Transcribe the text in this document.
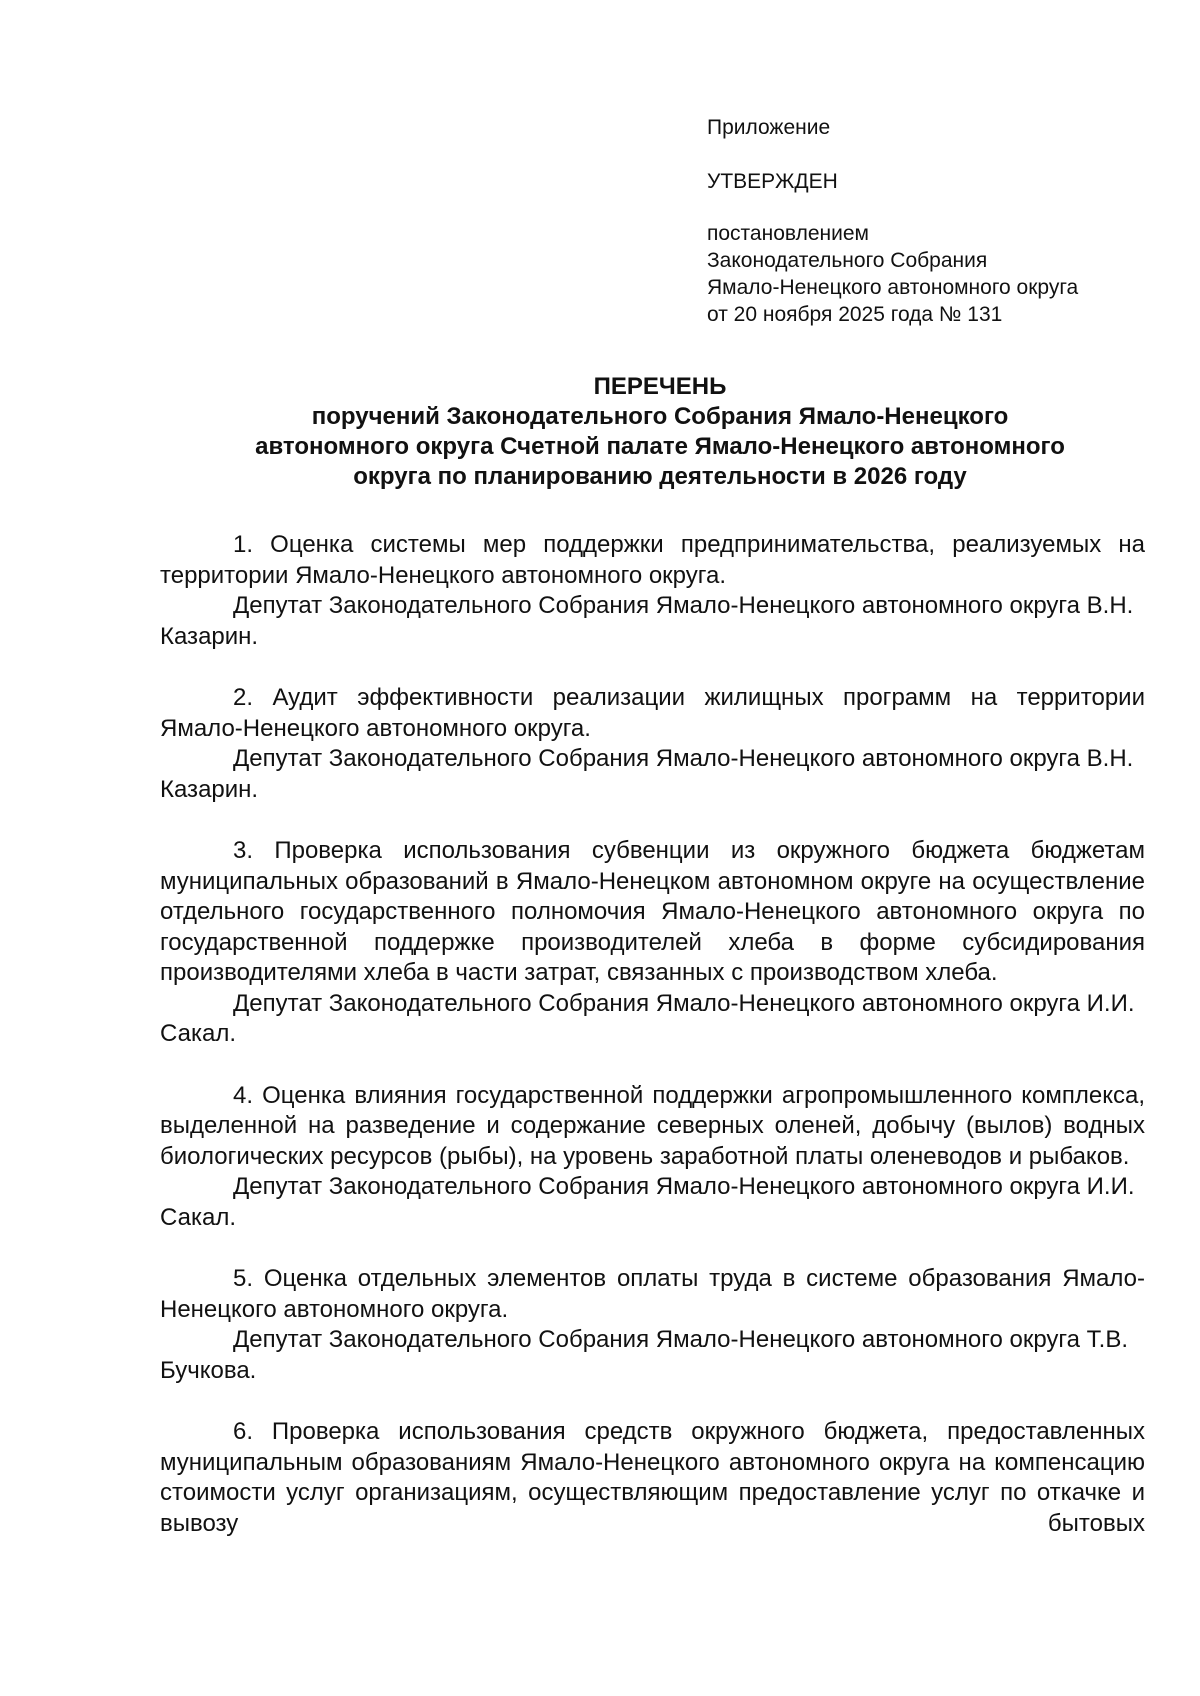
Приложение
УТВЕРЖДЕН
постановлением
Законодательного Собрания
Ямало-Ненецкого автономного округа
от 20 ноября 2025 года № 131
ПЕРЕЧЕНЬ
поручений Законодательного Собрания Ямало-Ненецкого
автономного округа Счетной палате Ямало-Ненецкого автономного
округа по планированию деятельности в 2026 году

1. Оценка системы мер поддержки предпринимательства, реализуемых на территории Ямало-Ненецкого автономного округа.

Депутат Законодательного Собрания Ямало-Ненецкого автономного округа В.Н. Казарин.

2. Аудит эффективности реализации жилищных программ на территории Ямало-Ненецкого автономного округа.

Депутат Законодательного Собрания Ямало-Ненецкого автономного округа В.Н. Казарин.

3. Проверка использования субвенции из окружного бюджета бюджетам муниципальных образований в Ямало-Ненецком автономном округе на осуществление отдельного государственного полномочия Ямало-Ненецкого автономного округа по государственной поддержке производителей хлеба в форме субсидирования производителями хлеба в части затрат, связанных с производством хлеба.

Депутат Законодательного Собрания Ямало-Ненецкого автономного округа И.И. Сакал.

4. Оценка влияния государственной поддержки агропромышленного комплекса, выделенной на разведение и содержание северных оленей, добычу (вылов) водных биологических ресурсов (рыбы), на уровень заработной платы оленеводов и рыбаков.

Депутат Законодательного Собрания Ямало-Ненецкого автономного округа И.И. Сакал.

5. Оценка отдельных элементов оплаты труда в системе образования Ямало-Ненецкого автономного округа.

Депутат Законодательного Собрания Ямало-Ненецкого автономного округа Т.В. Бучкова.

6. Проверка использования средств окружного бюджета, предоставленных муниципальным образованиям Ямало-Ненецкого автономного округа на компенсацию стоимости услуг организациям, осуществляющим предоставление услуг по откачке и вывозу бытовых
